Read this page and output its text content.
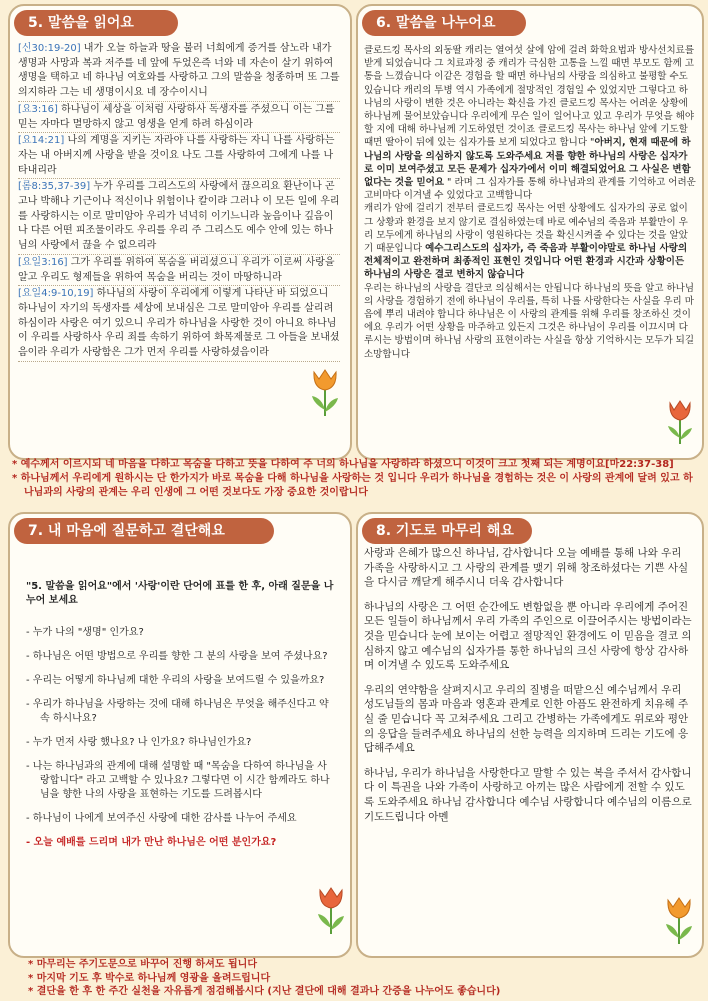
5. 말씀을 읽어요

[신30:19-20] 내가 오늘 하늘과 땅을 불러 너희에게 증거를 삼노라 내가 생명과 사망과 복과 저주를 네 앞에 두었은즉 너와 네 자손이 살기 위하여 생명을 택하고 네 하나님 여호와를 사랑하고 그의 말씀을 청종하며 또 그를 의지하라 그는 네 생명이시요 네 장수이시니

[요3:16] 하나님이 세상을 이처럼 사랑하사 독생자를 주셨으니 이는 그를 믿는 자마다 멸망하지 않고 영생을 얻게 하려 하심이라

[요14:21] 나의 계명을 지키는 자라야 나를 사랑하는 자니 나를 사랑하는 자는 내 아버지께 사랑을 받을 것이요 나도 그를 사랑하여 그에게 나를 나타내리라

[롬8:35,37-39] 누가 우리를 그리스도의 사랑에서 끊으리요 환난이나 곤고나 박해나 기근이나 적신이나 위험이나 칼이랴 그러나 이 모든 일에 우리를 사랑하시는 이로 말미암아 우리가 넉넉히 이기느니라 높음이나 깊음이나 다른 어떤 피조물이라도 우리를 우리 주 그리스도 예수 안에 있는 하나님의 사랑에서 끊을 수 없으리라

[요일3:16] 그가 우리를 위하여 목숨을 버리셨으니 우리가 이로써 사랑을 알고 우리도 형제들을 위하여 목숨을 버리는 것이 마땅하니라

[요일4:9-10,19] 하나님의 사랑이 우리에게 이렇게 나타난 바 되었으니 하나님이 자기의 독생자를 세상에 보내심은 그로 말미암아 우리를 살리려 하심이라 사랑은 여기 있으니 우리가 하나님을 사랑한 것이 아니요 하나님이 우리를 사랑하사 우리 죄를 속하기 위하여 화목제물로 그 아들을 보내셨음이라 우리가 사랑함은 그가 먼저 우리를 사랑하셨음이라

6. 말씀을 나누어요
클로드킹 목사의 외동딸 캐리는 열여섯 살에 암에 걸려 화학요법과 방사선치료를 받게 되었습니다 그 치료과정 중 캐리가 극심한 고통을 느낄 때면 부모도 함께 고통을 느꼈습니다 이같은 경험을 할 때면 하나님의 사랑을 의심하고 불평할 수도 있습니다 캐리의 투병 역시 가족에게 절망적인 경험일 수 있었지만 그렇다고 하나님의 사랑이 변한 것은 아니라는 확신을 가진 클로드킹 목사는 어려운 상황에 하나님께 물어보았습니다 우리에게 무슨 일이 일어나고 있고 우리가 무엇을 해야할 지에 대해 하나님께 기도하였던 것이죠 클로드킹 목사는 하나님 앞에 기도할 때면 딸아이 뒤에 있는 십자가를 보게 되었다고 합니다 "아버지, 현재 때문에 하나님의 사랑을 의심하지 않도록 도와주세요 저를 향한 하나님의 사랑은 십자가로 이미 보여주셨고 모든 문제가 십자가에서 이미 해결되었어요 그 사실은 변함없다는 것을 믿어요 " 라며 그 십자가를 통해 하나님과의 관계를 기억하고 어려운 고비마다 이겨낼 수 있었다고 고백합니다
캐리가 암에 걸리기 전부터 클로드킹 목사는 어떤 상황에도 십자가의 공로 없이 그 상황과 환경을 보지 않기로 결심하였는데 바로 예수님의 죽음과 부활만이 우리 모두에게 하나님의 사랑이 영원하다는 것을 확신시켜줄 수 있다는 것을 알았기 때문입니다 예수그리스도의 십자가, 즉 죽음과 부활이야말로 하나님 사랑의 전체적이고 완전하며 최종적인 표현인 것입니다 어떤 환경과 시간과 상황이든 하나님의 사랑은 결코 변하지 않습니다
우리는 하나님의 사랑을 결단코 의심해서는 안됩니다 하나님의 뜻을 알고 하나님의 사랑을 경험하기 전에 하나님이 우리를, 특히 나를 사랑한다는 사실을 우리 마음에 뿌리 내려야 합니다 하나님은 이 사랑의 관계를 위해 우리를 창조하신 것이에요 우리가 어떤 상황을 마주하고 있든지 그것은 하나님이 우리를 이끄시며 다루시는 방법이며 하나님 사랑의 표현이라는 사실을 항상 기억하시는 모두가 되길 소망합니다
* 예수께서 이르시되 네 마음을 다하고 목숨을 다하고 뜻을 다하여 주 너의 하나님을 사랑하라 하셨으니 이것이 크고 첫째 되는 계명이요[마22:37-38]
* 하나님께서 우리에게 원하시는 단 한가지가 바로 목숨을 다해 하나님을 사랑하는 것 입니다 우리가 하나님을 경험하는 것은 이 사랑의 관계에 달려 있고 하나님과의 사랑의 관계는 우리 인생에 그 어떤 것보다도 가장 중요한 것이랍니다
7. 내 마음에 질문하고 결단해요
"5. 말씀을 읽어요"에서 '사랑'이란 단어에 표를 한 후, 아래 질문을 나누어 보세요
- 누가 나의 "생명" 인가요?
- 하나님은 어떤 방법으로 우리를 향한 그 분의 사랑을 보여 주셨나요?
- 우리는 어떻게 하나님께 대한 우리의 사랑을 보여드릴 수 있을까요?
- 우리가 하나님을 사랑하는 것에 대해 하나님은 무엇을 해주신다고 약속 하시나요?
- 누가 먼저 사랑 했나요? 나 인가요? 하나님인가요?
- 나는 하나님과의 관계에 대해 설명할 때 "목숨을 다하여 하나님을 사랑합니다" 라고 고백할 수 있나요? 그렇다면 이 시간 함께라도 하나님을 향한 나의 사랑을 표현하는 기도를 드려봅시다
- 하나님이 나에게 보여주신 사랑에 대한 감사를 나누어 주세요
- 오늘 예배를 드리며 내가 만난 하나님은 어떤 분인가요?
8. 기도로 마무리 해요
사랑과 은혜가 많으신 하나님, 감사합니다 오늘 예배를 통해 나와 우리 가족을 사랑하시고 그 사랑의 관계를 맺기 위해 창조하셨다는 기쁜 사실을 다시금 깨닫게 해주시니 더욱 감사합니다
하나님의 사랑은 그 어떤 순간에도 변함없을 뿐 아니라 우리에게 주어진 모든 일들이 하나님께서 우리 가족의 주인으로 이끌어주시는 방법이라는 것을 믿습니다 눈에 보이는 어렵고 절망적인 환경에도 이 믿음을 결코 의심하지 않고 예수님의 십자가를 통한 하나님의 크신 사랑에 항상 감사하며 이겨낼 수 있도록 도와주세요
우리의 연약함을 살펴지시고 우리의 질병을 떠맡으신 예수님께서 우리 성도님들의 몸과 마음과 영혼과 관계로 인한 아픔도 완전하게 치유해 주실 줄 믿습니다 꼭 고쳐주세요 그리고 간병하는 가족에게도 위로와 평안의 응답을 들려주세요 하나님의 선한 능력을 의지하며 드리는 기도에 응답해주세요
하나님, 우리가 하나님을 사랑한다고 말할 수 있는 복을 주셔서 감사합니다 이 특권을 나와 가족이 사랑하고 아끼는 많은 사람에게 전할 수 있도록 도와주세요 하나님 감사합니다 예수님 사랑합니다 예수님의 이름으로 기도드립니다 아멘
* 마무리는 주기도문으로 바꾸어 진행 하셔도 됩니다
* 마지막 기도 후 박수로 하나님께 영광을 올려드립니다
* 결단을 한 후 한 주간 실천을 자유롭게 점검해봅시다 (지난 결단에 대해 결과나 간증을 나누어도 좋습니다)
